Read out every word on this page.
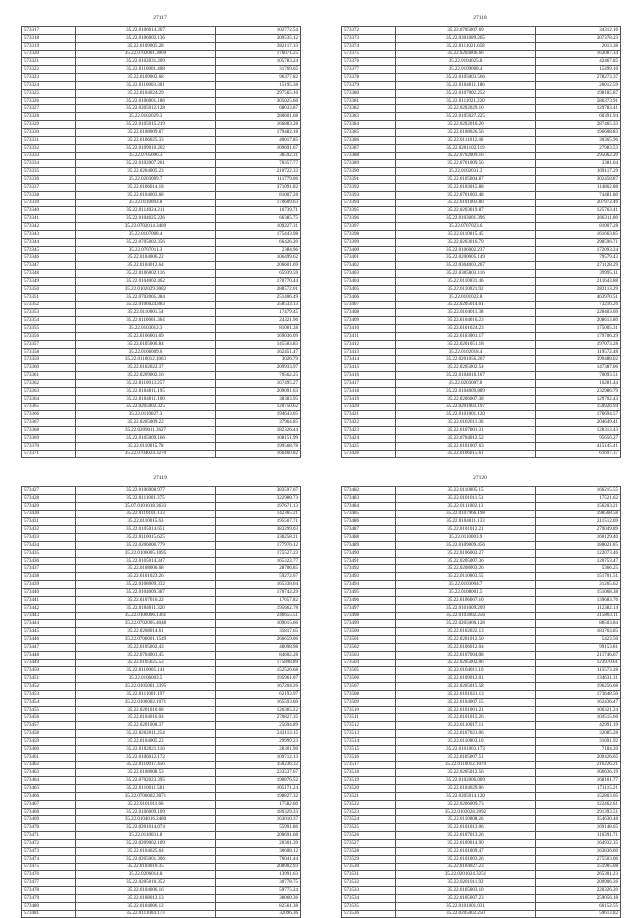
27117
573317	35.22.0106014.207	102772.54
573318	35.22.0106002.136	309535.12
573319	35.22.0109005.28	382117.33
573320	35.22.0702001.3069	176071.25
573321	35.22.0102031.209	105783.24
573322	35.22.0110001.408	31769.65
573323	35.22.0109002.68	96377.82
573324	35.22.0110003.301	15195.38
573325	35.22.0104024.29	297565.16
573326	35.22.0106001.186	305025.66
573327	35.22.0205012.128	68033.87
573328	35.22.0102029.3	280601.68
573329	35.22.0105015.219	166883.28
573330	35.22.0108009.87	179482.18
573331	35.22.0106025.33	40017.85
573332	35.22.0109010.202	109691.67
573333	35.22.0705006.3	38592.31
573334	35.22.0102007.261	70357.77
573335	35.22.0204005.23	210722.33
573336	35.22.0203009.7	111779.06
573337	35.22.0106014.18	371091.82
573338	35.22.0104003.68	81007.28
573339	35.22.0110003.8	170609.63
573340	35.22.0114024.211	16739.71
573341	35.22.0104025.226	66385.75
573342	35.22.0702014.3489	109227.31
573343	35.22.0107008.4	175443.98
573344	35.22.0705002.356	66426.20
573345	35.22.0707011.3	2384.96
573346	35.22.0104006.22	106499.62
573347	35.22.0104012.64	206601.69
573348	35.22.0106002.116	65939.59
573349	35.22.0104002.462	170770.44
573350	35.22.0102029.3082	288572.01
573351	35.22.0702005.384	251406.49
573352	35.22.0106024.883	358533.13
573353	35.22.0110001.54	17479.45
573354	35.22.0110001.364	24321.96
573355	35.22.0103012.3	81001.28
573356	35.22.0106001.69	169036.09
573357	35.22.0105006.84	145583.83
573358	35.22.0106009.6	162451.47
573359	35.22.0110012.1063	3026.79
573360	35.22.0102022.37	209933.97
573361	35.22.0209002.16	70562.25
573362	35.22.0110013.257	167495.27
573363	35.22.0104011.195	209091.63
573364	35.22.0104011.100	38383.95
573365	35.22.0205002.325	120750.62
573366	35.22.0110027.3	194643.05
573367	35.22.0205009.22	37964.85
573368	35.22.0209011.3627	182326.44
573369	35.22.0105009.166	108151.99
573370	35.22.0110015.78	199568.78
573371	35.22.0704024.3270	166460.82
27118
573372	35.22.0705007.69	34312.16
573373	35.22.0301089.265	307378.23
573374	35.22.0111021.058	2013.38
573375	35.22.0204006.66	163087.34
573376	35.22.0104025.8	42467.85
573377	35.22.0109008.4	15499.16
573378	35.22.0105003.566	278273.37
573379	35.22.0104011.186	26012.59
573380	35.22.0107002.252	198185.87
573381	35.22.0111021.220	586373.91
573382	35.22.0202029.10	129783.41
573383	35.22.0105027.225	60391.94
573384	35.22.0202010.20	287465.33
573385	35.22.0108026.56	196608.83
573386	35.22.0111012.46	30365.96
573387	35.22.0201102.119	27983.53
573388	35.22.0702009.16	295062.20
573389	35.22.0701009.56	3381.64
573390	35.22.0102031.3	109117.29
573391	35.22.0105004.87	302458.87
573392	35.22.0103015.88	114862.88
573393	35.22.0701003.48	74481.80
573394	35.22.0101003.80	207972.46
573395	35.22.0203019.87	125763.41
573396	35.22.0103001.396	266311.80
573397	35.22.0707023.6	81007.28
573398	35.22.0110015.45	161663.85
573399	35.22.0203016.79	298596.71
573400	35.22.0106002.237	172093.24
573401	35.22.0200005.149	79579.43
573402	35.22.0304003.267	271128.29
573403	35.22.0305003.116	39995.11
573404	35.22.0110031.46	211643.88
573405	35.22.0110021.92	283113.29
573406	35.22.0101022.8	463970.51
573407	35.22.0205014.61	73216.26
573408	35.22.0104011.38	228403.69
573409	35.22.0104016.23	208613.80
573410	35.22.0101024.23	175005.31
573411	35.22.0103001.17	179706.29
573412	35.22.0201051.18	197073.28
573413	35.22.0102018.4	119572.48
573414	35.22.0201056.267	399488.02
573415	35.22.0205002.54	147387.06
573416	35.22.0104016.167	70093.51
573417	35.22.0203007.8	16281.44
573418	35.22.0104009.889	232986.79
573419	35.22.0206007.38	129702.43
573420	35.22.0201003.197	150926.94
573421	35.22.0101001.120	176694.57
573422	35.22.0102011.36	204649.41
573423	35.22.0107001.31	128313.43
573424	35.22.0704012.52	95656.27
573425	35.22.0101007.63	415145.41
573426	35.22.0106015.61	61697.37
27119
573427	35.22.0106008.977	383597.67
573428	35.22.0111001.375	322980.73
573429	35.07.0101018.3633	197671.13
573430	35.22.0110101.133	142365.21
573431	35.22.0110015.63	195567.71
573432	35.22.0105014.651	383299.03
573433	35.22.0110015.625	338258.21
573434	35.22.0206006.779	177976.12
573435	35.22.0106005.1095	175527.23
573436	35.22.0105014.347	165323.77
573437	35.22.0108006.68	28706.85
573438	35.22.0101023.26	59272.67
573439	35.22.0108009.332	165338.04
573440	35.22.0104009.387	170742.29
573441	35.22.0107010.22	17657.82
573442	35.22.0104011.320	195662.78
573443	35.22.0106006.1361	246655.51
573444	35.22.0702005.4048	109015.66
573445	35.22.0208014.61	35817.65
573446	35.22.0706001.1549	266659.06
573447	35.22.0105002.43	48098.98
573448	35.22.0704001.45	84602.28
573449	35.22.0105025.53	175898.89
573450	35.22.0110005.141	152526.68
573451	35.22.0106003.5	195961.07
573452	35.22.0105001.3395	167204.26
573453	35.22.0111001.197	62193.97
573454	35.22.0106002.1071	165593.60
573455	35.22.0201010.68	126365.22
573456	35.22.0104016.04	270827.35
573457	35.22.0201008.37	25694.89
573458	35.22.0202011.254	243113.15
573459	35.22.0104005.22	29999.23
573460	35.22.0102021.116	28301.96
573461	35.22.0106012.172	109712.13
573462	35.22.0110017.456	350236.32
573463	35.22.0108008.53	233537.67
573464	35.22.0702023.395	190876.52
573465	35.22.0110011.581	105171.24
573466	35.22.0706002.3071	198827.32
573467	35.22.0101011.66	17582.60
573468	35.22.0106009.109	189329.33
573469	35.22.0104016.2480	163010.37
573470	35.22.0201014.074	55991.86
573471	35.22.0110031.8	200691.68
573472	35.22.0209002.109	20301.39
573473	35.22.0104025.64	30608.12
573474	35.22.0205001.306	76041.44
573475	35.22.0104010.35	208902.93
573476	35.22.0206014.8	13991.63
573477	35.22.0205010.352	30778.75
573478	35.22.0104006.16	59775.24
573479	35.22.0108012.13	38060.36
573480	35.22.0104006.12	82561.38
573481	35.22.0111004.173	32096.36
27120
573482	35.22.0110005.15	166215.55
573483	35.22.0101011.51	17521.62
573484	35.22.0111002.13	156203.21
573485	35.22.0107966.198	198568.58
573486	35.22.0104011.133	211512.69
573487	35.22.0101012.21	279049.89
573488	35.22.0110003.9	160129.40
573489	35.22.0109009.456	188021.85
573490	35.22.0106003.27	122073.46
573491	35.22.0205007.36	120753.47
573492	35.22.0208003.26	5366.25
573493	35.22.0110003.55	151701.51
573494	35.22.0103004.7	31265.62
573495	35.22.0108001.5	151068.38
573496	35.22.0106007.10	139683.76
573497	35.22.0101009.209	112382.14
573498	35.22.0103002.256	315803.11
573499	35.22.0205006.128	88503.84
573500	35.22.0102022.13	183763.85
573501	35.22.0201012.50	5423.50
573502	35.22.0106012.04	99153.81
573503	35.22.0107004.08	211746.67
573504	35.22.0205002.06	123970.61
573505	35.22.0104011.10	115573.28
573506	35.22.0109012.01	134631.31
573507	35.22.0205015.58	196256.68
573508	35.22.0101021.13	173648.50
573509	35.22.0104007.15	162436.47
573510	35.22.0101001.21	106321.24
573511	35.22.0101015.26	104515.66
573512	35.22.0110017.11	42991.19
573513	35.22.0107021.06	32085.28
573514	35.22.0110003.10	31691.92
573515	35.22.0101003.173	7184.20
573516	35.22.0105007.51	209426.65
573517	35.22.0110012.1079	216226.21
573518	35.22.0205012.56	106636.19
573519	35.22.0102006.009	168161.77
573520	35.22.0104029.06	171115.21
573521	35.22.0205014.120	152803.05
573522	35.22.0206009.73	122462.61
573523	35.22.0102028.2092	291393.51
573524	35.22.0110008.26	354630.48
573525	35.22.0101013.06	169148.65
573526	35.22.0107013.26	116391.71
573527	35.22.0109014.90	164932.35
573528	35.22.0101009.47	163836.60
573529	35.22.0101003.26	275503.06
573530	35.22.0104027.23	151905.08
573531	35.22.0201024.3251	265301.23
573532	35.22.0201011.92	200906.26
573533	35.22.0105003.10	220326.20
573534	35.22.0105007.23	259056.18
573535	35.22.0101001.031	66152.55
573536	35.22.0205002.250	59613.82
